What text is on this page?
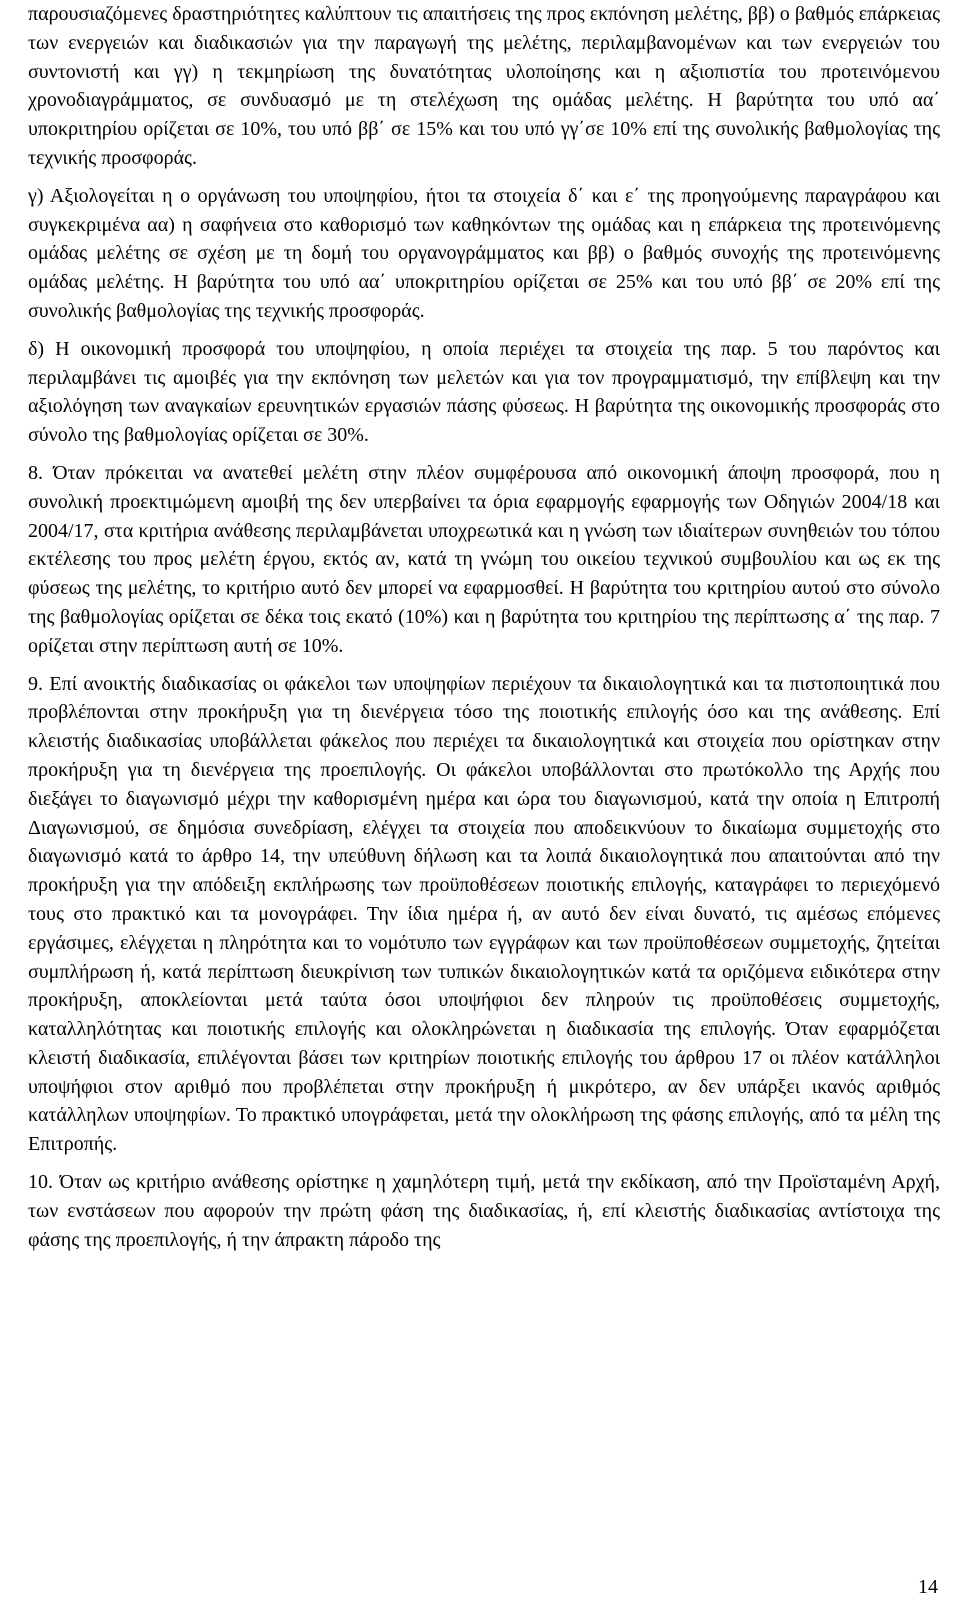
παρουσιαζόμενες δραστηριότητες καλύπτουν τις απαιτήσεις της προς εκπόνηση μελέτης, ββ) ο βαθμός επάρκειας των ενεργειών και διαδικασιών για την παραγωγή της μελέτης, περιλαμβανομένων και των ενεργειών του συντονιστή και γγ) η τεκμηρίωση της δυνατότητας υλοποίησης και η αξιοπιστία του προτεινόμενου χρονοδιαγράμματος, σε συνδυασμό με τη στελέχωση της ομάδας μελέτης. Η βαρύτητα του υπό αα΄ υποκριτηρίου ορίζεται σε 10%, του υπό ββ΄ σε 15% και του υπό γγ΄σε 10% επί της συνολικής βαθμολογίας της τεχνικής προσφοράς.

γ) Αξιολογείται η ο οργάνωση του υποψηφίου, ήτοι τα στοιχεία δ΄ και ε΄ της προηγούμενης παραγράφου και συγκεκριμένα αα) η σαφήνεια στο καθορισμό των καθηκόντων της ομάδας και η επάρκεια της προτεινόμενης ομάδας μελέτης σε σχέση με τη δομή του οργανογράμματος και ββ) ο βαθμός συνοχής της προτεινόμενης ομάδας μελέτης. Η βαρύτητα του υπό αα΄ υποκριτηρίου ορίζεται σε 25% και του υπό ββ΄ σε 20% επί της συνολικής βαθμολογίας της τεχνικής προσφοράς.

δ) Η οικονομική προσφορά του υποψηφίου, η οποία περιέχει τα στοιχεία της παρ. 5 του παρόντος και περιλαμβάνει τις αμοιβές για την εκπόνηση των μελετών και για τον προγραμματισμό, την επίβλεψη και την αξιολόγηση των αναγκαίων ερευνητικών εργασιών πάσης φύσεως. Η βαρύτητα της οικονομικής προσφοράς στο σύνολο της βαθμολογίας ορίζεται σε 30%.

8. Όταν πρόκειται να ανατεθεί μελέτη στην πλέον συμφέρουσα από οικονομική άποψη προσφορά, που η συνολική προεκτιμώμενη αμοιβή της δεν υπερβαίνει τα όρια εφαρμογής εφαρμογής των Οδηγιών 2004/18 και 2004/17, στα κριτήρια ανάθεσης περιλαμβάνεται υποχρεωτικά και η γνώση των ιδιαίτερων συνηθειών του τόπου εκτέλεσης του προς μελέτη έργου, εκτός αν, κατά τη γνώμη του οικείου τεχνικού συμβουλίου και ως εκ της φύσεως της μελέτης, το κριτήριο αυτό δεν μπορεί να εφαρμοσθεί. Η βαρύτητα του κριτηρίου αυτού στο σύνολο της βαθμολογίας ορίζεται σε δέκα τοις εκατό (10%) και η βαρύτητα του κριτηρίου της περίπτωσης α΄ της παρ. 7 ορίζεται στην περίπτωση αυτή σε 10%.

9. Επί ανοικτής διαδικασίας οι φάκελοι των υποψηφίων περιέχουν τα δικαιολογητικά και τα πιστοποιητικά που προβλέπονται στην προκήρυξη για τη διενέργεια τόσο της ποιοτικής επιλογής όσο και της ανάθεσης. Επί κλειστής διαδικασίας υποβάλλεται φάκελος που περιέχει τα δικαιολογητικά και στοιχεία που ορίστηκαν στην προκήρυξη για τη διενέργεια της προεπιλογής. Οι φάκελοι υποβάλλονται στο πρωτόκολλο της Αρχής που διεξάγει το διαγωνισμό μέχρι την καθορισμένη ημέρα και ώρα του διαγωνισμού, κατά την οποία η Επιτροπή Διαγωνισμού, σε δημόσια συνεδρίαση, ελέγχει τα στοιχεία που αποδεικνύουν το δικαίωμα συμμετοχής στο διαγωνισμό κατά το άρθρο 14, την υπεύθυνη δήλωση και τα λοιπά δικαιολογητικά που απαιτούνται από την προκήρυξη για την απόδειξη εκπλήρωσης των προϋποθέσεων ποιοτικής επιλογής, καταγράφει το περιεχόμενό τους στο πρακτικό και τα μονογράφει. Την ίδια ημέρα ή, αν αυτό δεν είναι δυνατό, τις αμέσως επόμενες εργάσιμες, ελέγχεται η πληρότητα και το νομότυπο των εγγράφων και των προϋποθέσεων συμμετοχής, ζητείται συμπλήρωση ή, κατά περίπτωση διευκρίνιση των τυπικών δικαιολογητικών κατά τα οριζόμενα ειδικότερα στην προκήρυξη, αποκλείονται μετά ταύτα όσοι υποψήφιοι δεν πληρούν τις προϋποθέσεις συμμετοχής, καταλληλότητας και ποιοτικής επιλογής και ολοκληρώνεται η διαδικασία της επιλογής. Όταν εφαρμόζεται κλειστή διαδικασία, επιλέγονται βάσει των κριτηρίων ποιοτικής επιλογής του άρθρου 17 οι πλέον κατάλληλοι υποψήφιοι στον αριθμό που προβλέπεται στην προκήρυξη ή μικρότερο, αν δεν υπάρξει ικανός αριθμός κατάλληλων υποψηφίων. Το πρακτικό υπογράφεται, μετά την ολοκλήρωση της φάσης επιλογής, από τα μέλη της Επιτροπής.

10. Όταν ως κριτήριο ανάθεσης ορίστηκε η χαμηλότερη τιμή, μετά την εκδίκαση, από την Προϊσταμένη Αρχή, των ενστάσεων που αφορούν την πρώτη φάση της διαδικασίας, ή, επί κλειστής διαδικασίας αντίστοιχα της φάσης της προεπιλογής, ή την άπρακτη πάροδο της

14
